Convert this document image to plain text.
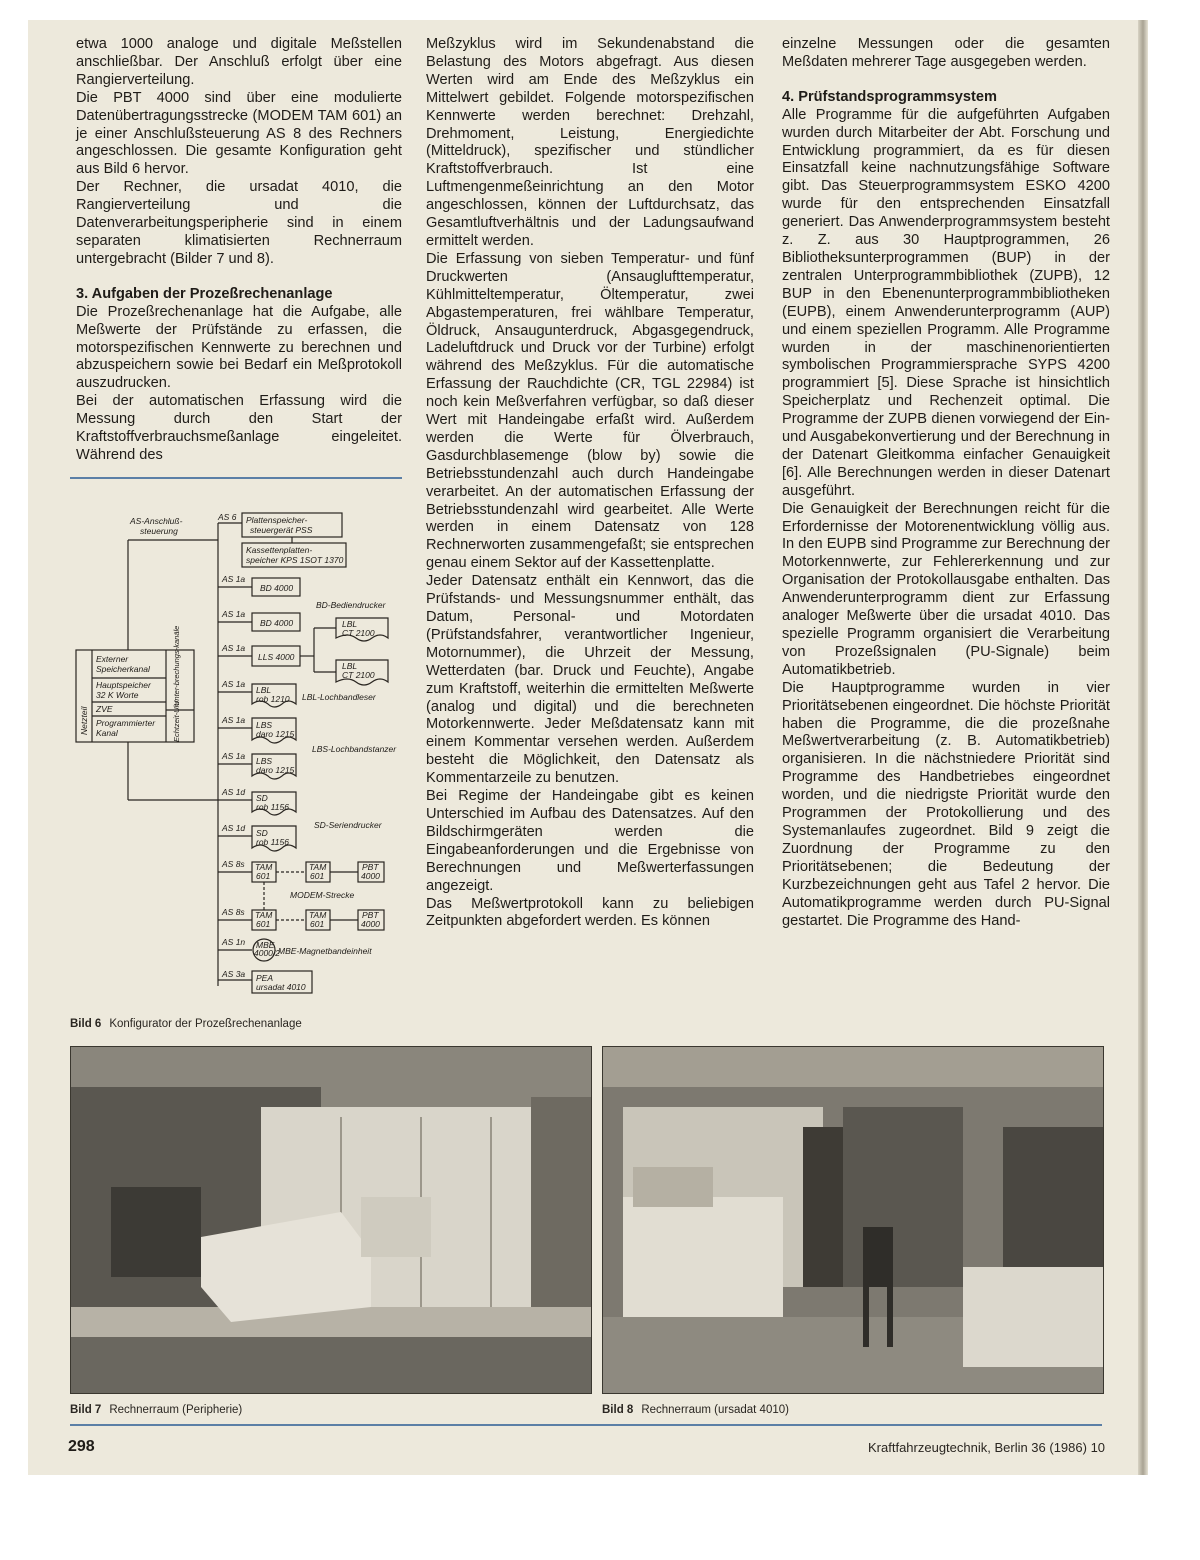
etwa 1000 analoge und digitale Meßstellen anschließbar. Der Anschluß erfolgt über eine Rangierverteilung.

Die PBT 4000 sind über eine modulierte Datenübertragungsstrecke (MODEM TAM 601) an je einer Anschlußsteuerung AS 8 des Rechners angeschlossen. Die gesamte Konfiguration geht aus Bild 6 hervor.

Der Rechner, die ursadat 4010, die Rangierverteilung und die Datenverarbeitungsperipherie sind in einem separaten klimatisierten Rechnerraum untergebracht (Bilder 7 und 8).

3. Aufgaben der Prozeßrechenanlage

Die Prozeßrechenanlage hat die Aufgabe, alle Meßwerte der Prüfstände zu erfassen, die motorspezifischen Kennwerte zu berechnen und abzuspeichern sowie bei Bedarf ein Meßprotokoll auszudrucken.

Bei der automatischen Erfassung wird die Messung durch den Start der Kraftstoffverbrauchsmeßanlage eingeleitet. Während des

AS-Anschluß-
steuerung
AS 6 Plattenspeicher-
steuergerät PSS
Kassettenplatten-
speicher KPS 1SOT 1370
AS 1a
BD 4000
BD-Bediendrucker
AS 1a
BD 4000
AS 1a
LLS 4000
LBL
CT 2100
LBL
CT 2100
AS 1a
LBL
rob 1210 LBL-Lochbandleser
AS 1a LBS
daro 1215
LBS-Lochbandstanzer
AS 1a LBS
daro 1215
AS 1d
SD
rob 1156
SD-Seriendrucker
AS 1d SD
rob 1156
AS 8s TAM
601
TAM
601
PBT
4000
MODEM-Strecke
AS 8s TAM
601
TAM
601
PBT
4000
AS 1n MBE
4000/2
MBE-Magnetbandeinheit
AS 3a PEA
ursadat 4010
Externer
Speicherkanal
Hauptspeicher
32 K Worte
ZVE
Programmierter
Kanal
Netzteil
Unter-brechungs-kanäle
Echtzeit-Uhr
Bild 6 Konfigurator der Prozeßrechenanlage

Meßzyklus wird im Sekundenabstand die Belastung des Motors abgefragt. Aus diesen Werten wird am Ende des Meßzyklus ein Mittelwert gebildet. Folgende motorspezifischen Kennwerte werden berechnet: Drehzahl, Drehmoment, Leistung, Energiedichte (Mitteldruck), spezifischer und stündlicher Kraftstoffverbrauch. Ist eine Luftmengenmeßeinrichtung an den Motor angeschlossen, können der Luftdurchsatz, das Gesamtluftverhältnis und der Ladungsaufwand ermittelt werden.

Die Erfassung von sieben Temperatur- und fünf Druckwerten (Ansauglufttemperatur, Kühlmitteltemperatur, Öltemperatur, zwei Abgastemperaturen, frei wählbare Temperatur, Öldruck, Ansaugunterdruck, Abgasgegendruck, Ladeluftdruck und Druck vor der Turbine) erfolgt während des Meßzyklus. Für die automatische Erfassung der Rauchdichte (CR, TGL 22984) ist noch kein Meßverfahren verfügbar, so daß dieser Wert mit Handeingabe erfaßt wird. Außerdem werden die Werte für Ölverbrauch, Gasdurchblasemenge (blow by) sowie die Betriebsstundenzahl auch durch Handeingabe verarbeitet. An der automatischen Erfassung der Betriebsstundenzahl wird gearbeitet. Alle Werte werden in einem Datensatz von 128 Rechnerworten zusammengefaßt; sie entsprechen genau einem Sektor auf der Kassettenplatte.

Jeder Datensatz enthält ein Kennwort, das die Prüfstands- und Messungsnummer enthält, das Datum, Personal- und Motordaten (Prüfstandsfahrer, verantwortlicher Ingenieur, Motornummer), die Uhrzeit der Messung, Wetterdaten (bar. Druck und Feuchte), Angabe zum Kraftstoff, weiterhin die ermittelten Meßwerte (analog und digital) und die berechneten Motorkennwerte. Jeder Meßdatensatz kann mit einem Kommentar versehen werden. Außerdem besteht die Möglichkeit, den Datensatz als Kommentarzeile zu benutzen.

Bei Regime der Handeingabe gibt es keinen Unterschied im Aufbau des Datensatzes. Auf den Bildschirmgeräten werden die Eingabeanforderungen und die Ergebnisse von Berechnungen und Meßwerterfassungen angezeigt.

Das Meßwertprotokoll kann zu beliebigen Zeitpunkten abgefordert werden. Es können

einzelne Messungen oder die gesamten Meßdaten mehrerer Tage ausgegeben werden.

4. Prüfstandsprogrammsystem

Alle Programme für die aufgeführten Aufgaben wurden durch Mitarbeiter der Abt. Forschung und Entwicklung programmiert, da es für diesen Einsatzfall keine nachnutzungsfähige Software gibt. Das Steuerprogrammsystem ESKO 4200 wurde für den entsprechenden Einsatzfall generiert. Das Anwenderprogrammsystem besteht z. Z. aus 30 Hauptprogrammen, 26 Bibliotheksunterprogrammen (BUP) in der zentralen Unterprogrammbibliothek (ZUPB), 12 BUP in den Ebenenunterprogrammbibliotheken (EUPB), einem Anwenderunterprogramm (AUP) und einem speziellen Programm. Alle Programme wurden in der maschinenorientierten symbolischen Programmiersprache SYPS 4200 programmiert [5]. Diese Sprache ist hinsichtlich Speicherplatz und Rechenzeit optimal. Die Programme der ZUPB dienen vorwiegend der Ein- und Ausgabekonvertierung und der Berechnung in der Datenart Gleitkomma einfacher Genauigkeit [6]. Alle Berechnungen werden in dieser Datenart ausgeführt.

Die Genauigkeit der Berechnungen reicht für die Erfordernisse der Motorenentwicklung völlig aus. In den EUPB sind Programme zur Berechnung der Motorkennwerte, zur Fehlererkennung und zur Organisation der Protokollausgabe enthalten. Das Anwenderunterprogramm dient zur Erfassung analoger Meßwerte über die ursadat 4010. Das spezielle Programm organisiert die Verarbeitung von Prozeßsignalen (PU-Signale) beim Automatikbetrieb.

Die Hauptprogramme wurden in vier Prioritätsebenen eingeordnet. Die höchste Priorität haben die Programme, die die prozeßnahe Meßwertverarbeitung (z. B. Automatikbetrieb) organisieren. In die nächstniedere Priorität sind Programme des Handbetriebes eingeordnet worden, und die niedrigste Priorität wurde den Programmen der Protokollierung und des Systemanlaufes zugeordnet. Bild 9 zeigt die Zuordnung der Programme zu den Prioritätsebenen; die Bedeutung der Kurzbezeichnungen geht aus Tafel 2 hervor. Die Automatikprogramme werden durch PU-Signal gestartet. Die Programme des Hand-

Bild 7 Rechnerraum (Peripherie)	Bild 8 Rechnerraum (ursadat 4010)
298	Kraftfahrzeugtechnik, Berlin 36 (1986) 10
